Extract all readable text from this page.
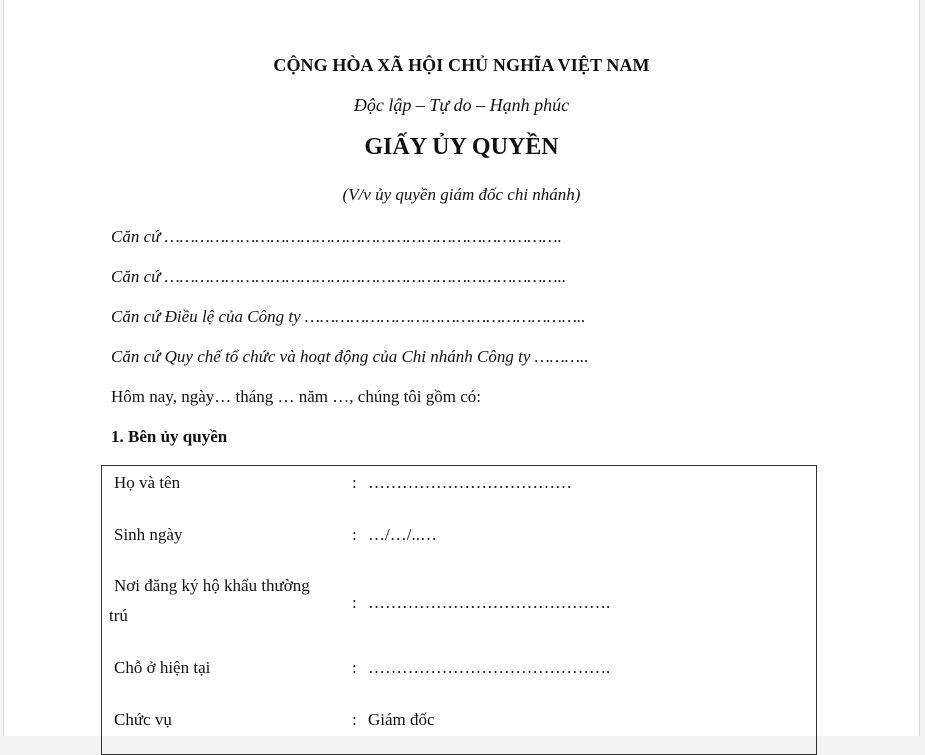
CỘNG HÒA XÃ HỘI CHỦ NGHĨA VIỆT NAM
Độc lập – Tự do – Hạnh phúc
GIẤY ỦY QUYỀN
(V/v ủy quyền giám đốc chi nhánh)
Căn cứ …………………………………………………………………….
Căn cứ ……………………………………………………………………..
Căn cứ Điều lệ của Công ty ………………………………………………..
Căn cứ Quy chế tổ chức và hoạt động của Chi nhánh Công ty ………..
Hôm nay, ngày… tháng … năm …, chúng tôi gồm có:
1. Bên ủy quyền
Họ và tên	: ………………………………
Sinh ngày	: …/…/..…
Nơi đăng ký hộ khẩu thường
trú
: …………………………………….
Chỗ ở hiện tại	: …………………………………….
Chức vụ	: Giám đốc
